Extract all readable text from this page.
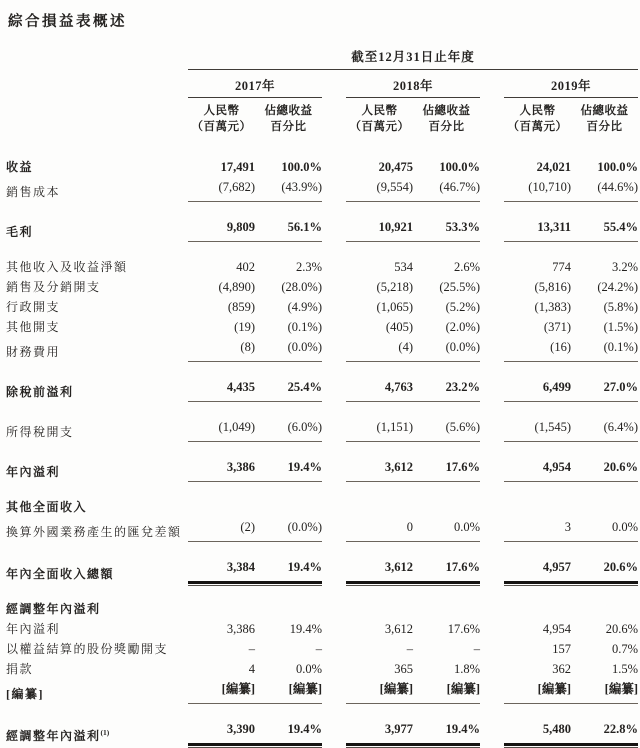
綜合損益表概述
截至12月31日止年度
2017年	2018年	2019年
人民幣	佔總收益	人民幣	佔總收益	人民幣	佔總收益
（百萬元）	百分比	（百萬元）	百分比	（百萬元）	百分比
收益	17,491	100.0%	20,475	100.0%	24,021	100.0%
銷售成本	(7,682)	(43.9%)	(9,554)	(46.7%)	(10,710)	(44.6%)
毛利	9,809	56.1%	10,921	53.3%	13,311	55.4%
其他收入及收益淨額	402	2.3%	534	2.6%	774	3.2%
銷售及分銷開支	(4,890)	(28.0%)	(5,218)	(25.5%)	(5,816)	(24.2%)
行政開支	(859)	(4.9%)	(1,065)	(5.2%)	(1,383)	(5.8%)
其他開支	(19)	(0.1%)	(405)	(2.0%)	(371)	(1.5%)
財務費用	(8)	(0.0%)	(4)	(0.0%)	(16)	(0.1%)
除稅前溢利	4,435	25.4%	4,763	23.2%	6,499	27.0%
所得稅開支	(1,049)	(6.0%)	(1,151)	(5.6%)	(1,545)	(6.4%)
年內溢利	3,386	19.4%	3,612	17.6%	4,954	20.6%
其他全面收入
換算外國業務產生的匯兌差額	(2)	(0.0%)	0	0.0%	3	0.0%
年內全面收入總額	3,384	19.4%	3,612	17.6%	4,957	20.6%
經調整年內溢利
年內溢利	3,386	19.4%	3,612	17.6%	4,954	20.6%
以權益結算的股份獎勵開支	–	–	–	–	157	0.7%
捐款	4	0.0%	365	1.8%	362	1.5%
[編纂]	[編纂]	[編纂]	[編纂]	[編纂]	[編纂]	[編纂]
經調整年內溢利$^{(1)}$	3,390	19.4%	3,977	19.4%	5,480	22.8%
